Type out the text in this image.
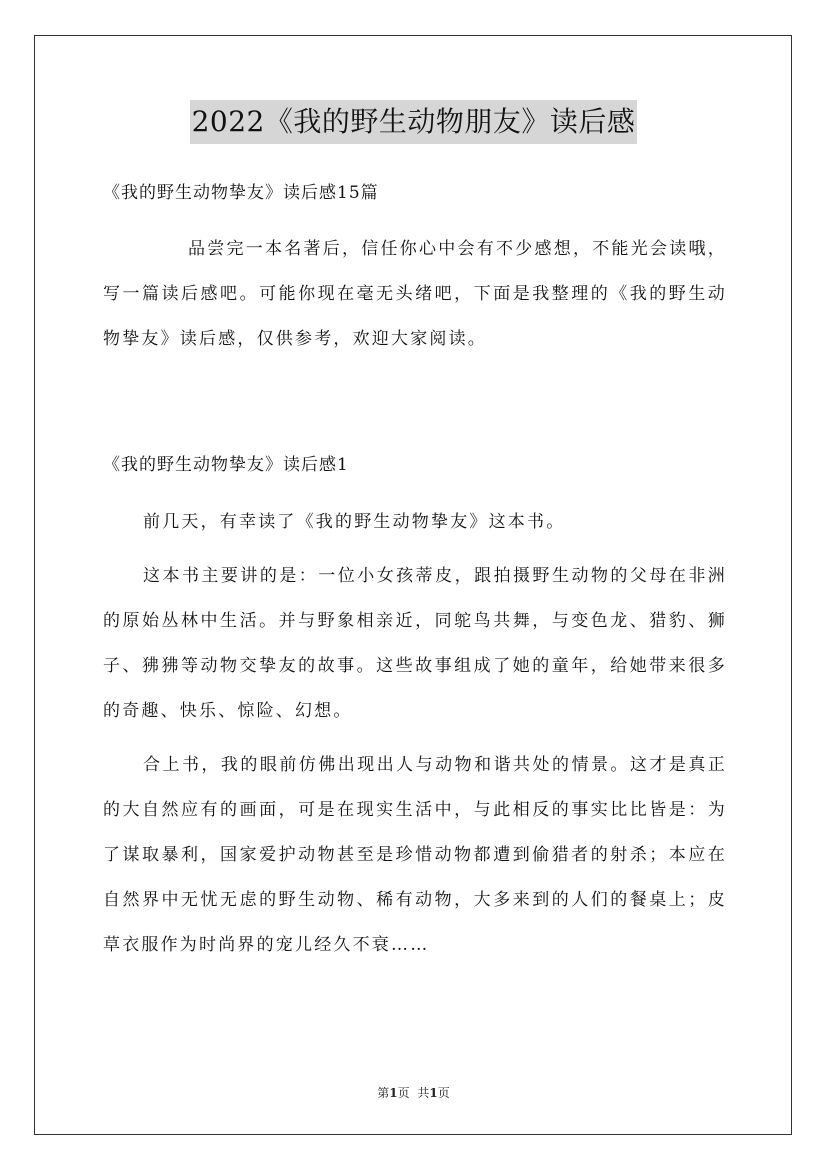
2022《我的野生动物朋友》读后感
《我的野生动物挚友》读后感15篇

品尝完一本名著后，信任你心中会有不少感想，不能光会读哦，写一篇读后感吧。可能你现在毫无头绪吧，下面是我整理的《我的野生动物挚友》读后感，仅供参考，欢迎大家阅读。

《我的野生动物挚友》读后感1

前几天，有幸读了《我的野生动物挚友》这本书。

这本书主要讲的是：一位小女孩蒂皮，跟拍摄野生动物的父母在非洲的原始丛林中生活。并与野象相亲近，同鸵鸟共舞，与变色龙、猎豹、狮子、狒狒等动物交挚友的故事。这些故事组成了她的童年，给她带来很多的奇趣、快乐、惊险、幻想。

合上书，我的眼前仿佛出现出人与动物和谐共处的情景。这才是真正的大自然应有的画面，可是在现实生活中，与此相反的事实比比皆是：为了谋取暴利，国家爱护动物甚至是珍惜动物都遭到偷猎者的射杀；本应在自然界中无忧无虑的野生动物、稀有动物，大多来到的人们的餐桌上；皮草衣服作为时尚界的宠儿经久不衰……

第1页 共1页
